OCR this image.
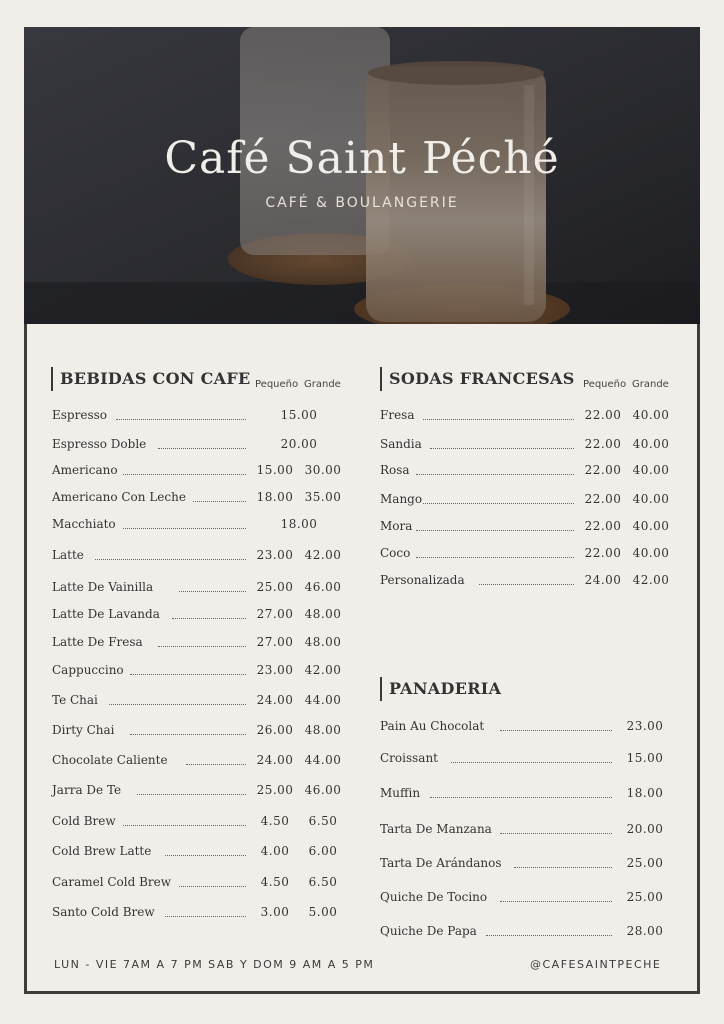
Café Saint Péché
CAFÉ & BOULANGERIE
BEBIDAS CON CAFE Pequeño Grande
Espresso	15.00
Espresso Doble	20.00
Americano	15.00 30.00
Americano Con Leche	18.00 35.00
Macchiato	18.00
Latte	23.00 42.00
Latte De Vainilla	25.00 46.00
Latte De Lavanda	27.00 48.00
Latte De Fresa	27.00 48.00
Cappuccino	23.00 42.00
Te Chai	24.00 44.00
Dirty Chai	26.00 48.00
Chocolate Caliente	24.00 44.00
Jarra De Te	25.00 46.00
Cold Brew	4.50	6.50
Cold Brew Latte	4.00	6.00
Caramel Cold Brew	4.50	6.50
Santo Cold Brew	3.00	5.00
SODAS FRANCESAS Pequeño Grande
Fresa	22.00 40.00
Sandia	22.00 40.00
Rosa	22.00 40.00
Mango	22.00 40.00
Mora	22.00 40.00
Coco	22.00 40.00
Personalizada	24.00 42.00
PANADERIA
Pain Au Chocolat	23.00
Croissant	15.00
Muffin	18.00
Tarta De Manzana	20.00
Tarta De Arándanos	25.00
Quiche De Tocino	25.00
Quiche De Papa	28.00
LUN - VIE 7AM A 7 PM SAB Y DOM 9 AM A 5 PM	@CAFESAINTPECHE
